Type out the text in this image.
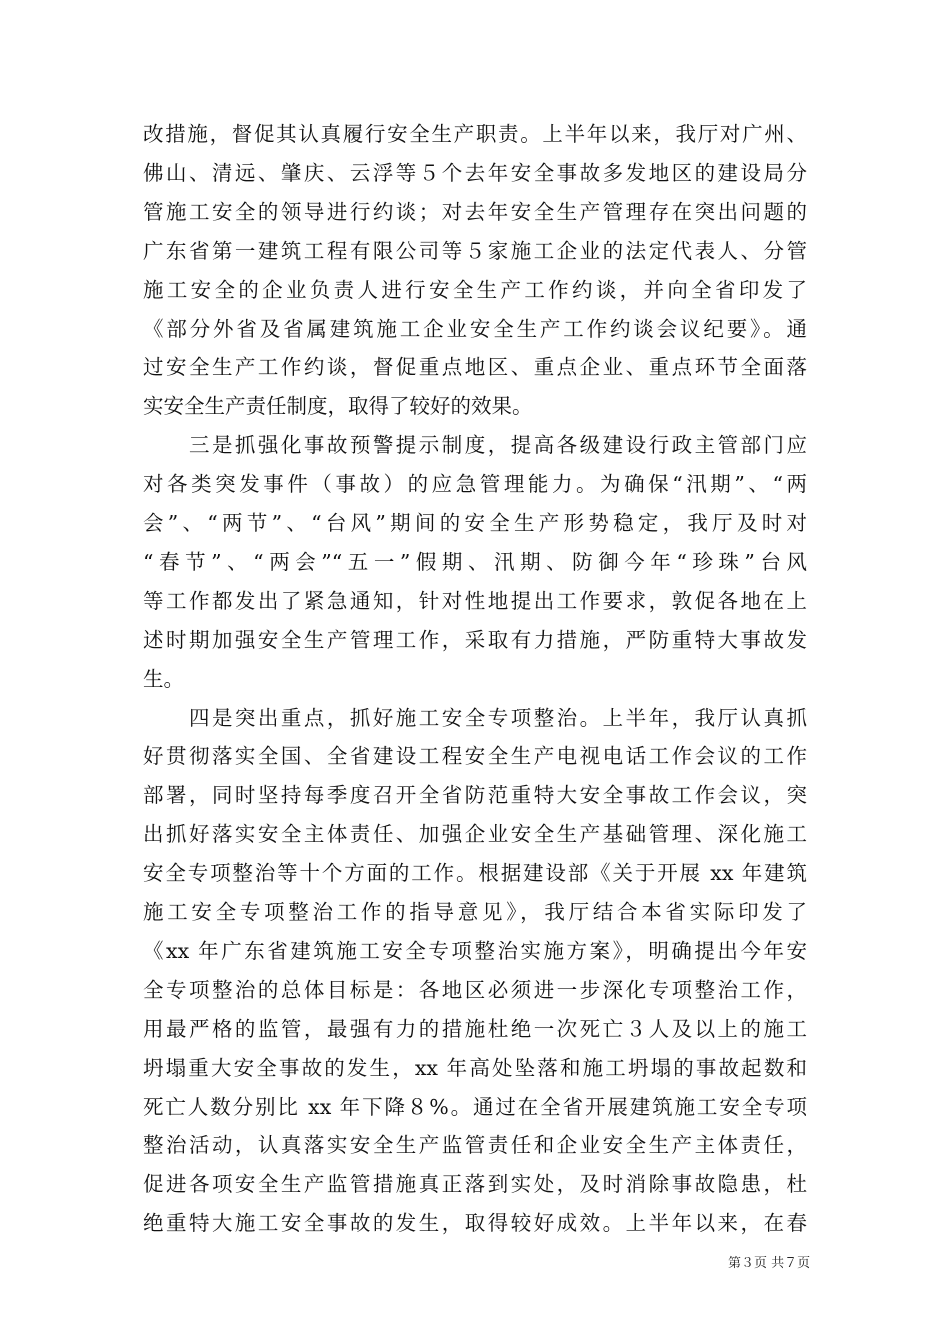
改措施，督促其认真履行安全生产职责。上半年以来，我厅对广州、
佛山、清远、肇庆、云浮等５个去年安全事故多发地区的建设局分
管施工安全的领导进行约谈；对去年安全生产管理存在突出问题的
广东省第一建筑工程有限公司等５家施工企业的法定代表人、分管
施工安全的企业负责人进行安全生产工作约谈，并向全省印发了
《部分外省及省属建筑施工企业安全生产工作约谈会议纪要》。通
过安全生产工作约谈，督促重点地区、重点企业、重点环节全面落
实安全生产责任制度，取得了较好的效果。
　　三是抓强化事故预警提示制度，提高各级建设行政主管部门应
对各类突发事件（事故）的应急管理能力。为确保“汛期”、“两
会”、“两节”、“台风”期间的安全生产形势稳定，我厅及时对
“春节”、“两会”“五一”假期、汛期、防御今年“珍珠”台风
等工作都发出了紧急通知，针对性地提出工作要求，敦促各地在上
述时期加强安全生产管理工作，采取有力措施，严防重特大事故发
生。
　　四是突出重点，抓好施工安全专项整治。上半年，我厅认真抓
好贯彻落实全国、全省建设工程安全生产电视电话工作会议的工作
部署，同时坚持每季度召开全省防范重特大安全事故工作会议，突
出抓好落实安全主体责任、加强企业安全生产基础管理、深化施工
安全专项整治等十个方面的工作。根据建设部《关于开展 xx 年建筑
施工安全专项整治工作的指导意见》，我厅结合本省实际印发了
《xx 年广东省建筑施工安全专项整治实施方案》，明确提出今年安
全专项整治的总体目标是：各地区必须进一步深化专项整治工作，
用最严格的监管，最强有力的措施杜绝一次死亡３人及以上的施工
坍塌重大安全事故的发生，xx 年高处坠落和施工坍塌的事故起数和
死亡人数分别比 xx 年下降８%。通过在全省开展建筑施工安全专项
整治活动，认真落实安全生产监管责任和企业安全生产主体责任，
促进各项安全生产监管措施真正落到实处，及时消除事故隐患，杜
绝重特大施工安全事故的发生，取得较好成效。上半年以来，在春
第３页 共７页
